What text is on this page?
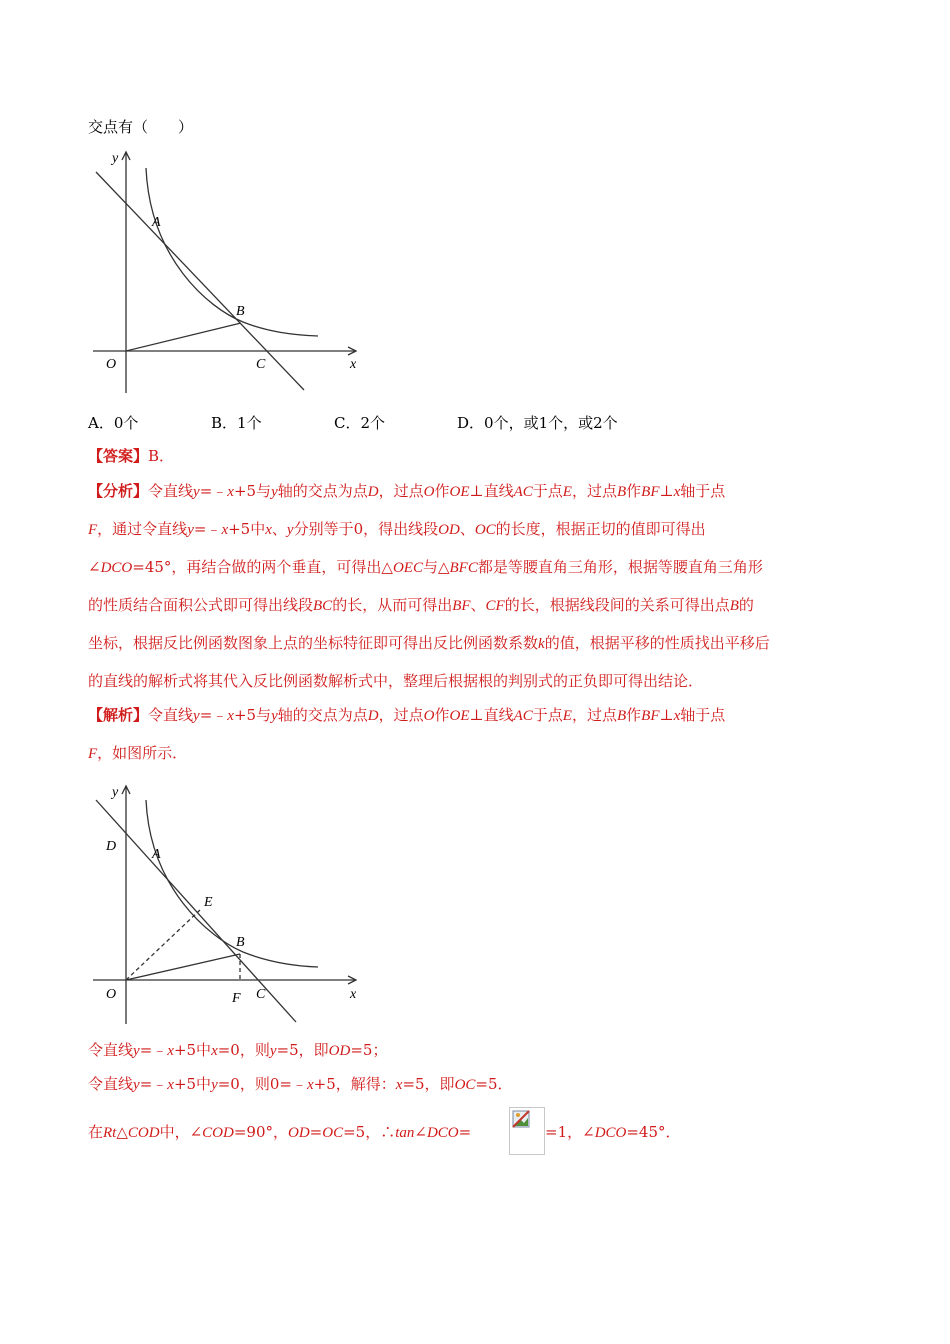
交点有（　　）
y
x
O
A
B
C
A．0个	B．1个	C．2个	D．0个，或1个，或2个
【答案】B．
【分析】令直线y=﹣x+5与y轴的交点为点D，过点O作OE⊥直线AC于点E，过点B作BF⊥x轴于点
F，通过令直线y=﹣x+5中x、y分别等于0，得出线段OD、OC的长度，根据正切的值即可得出
∠DCO=45°，再结合做的两个垂直，可得出△OEC与△BFC都是等腰直角三角形，根据等腰直角三角形
的性质结合面积公式即可得出线段BC的长，从而可得出BF、CF的长，根据线段间的关系可得出点B的
坐标，根据反比例函数图象上点的坐标特征即可得出反比例函数系数k的值，根据平移的性质找出平移后
的直线的解析式将其代入反比例函数解析式中，整理后根据根的判别式的正负即可得出结论．
【解析】令直线y=﹣x+5与y轴的交点为点D，过点O作OE⊥直线AC于点E，过点B作BF⊥x轴于点
F，如图所示．
y
x
O
D
A
E
B
F C
令直线y=﹣x+5中x=0，则y=5，即OD=5；
令直线y=﹣x+5中y=0，则0=﹣x+5，解得：x=5，即OC=5．
在Rt△COD中，∠COD=90°，OD=OC=5，∴tan∠DCO=	=1，∠DCO=45°．
